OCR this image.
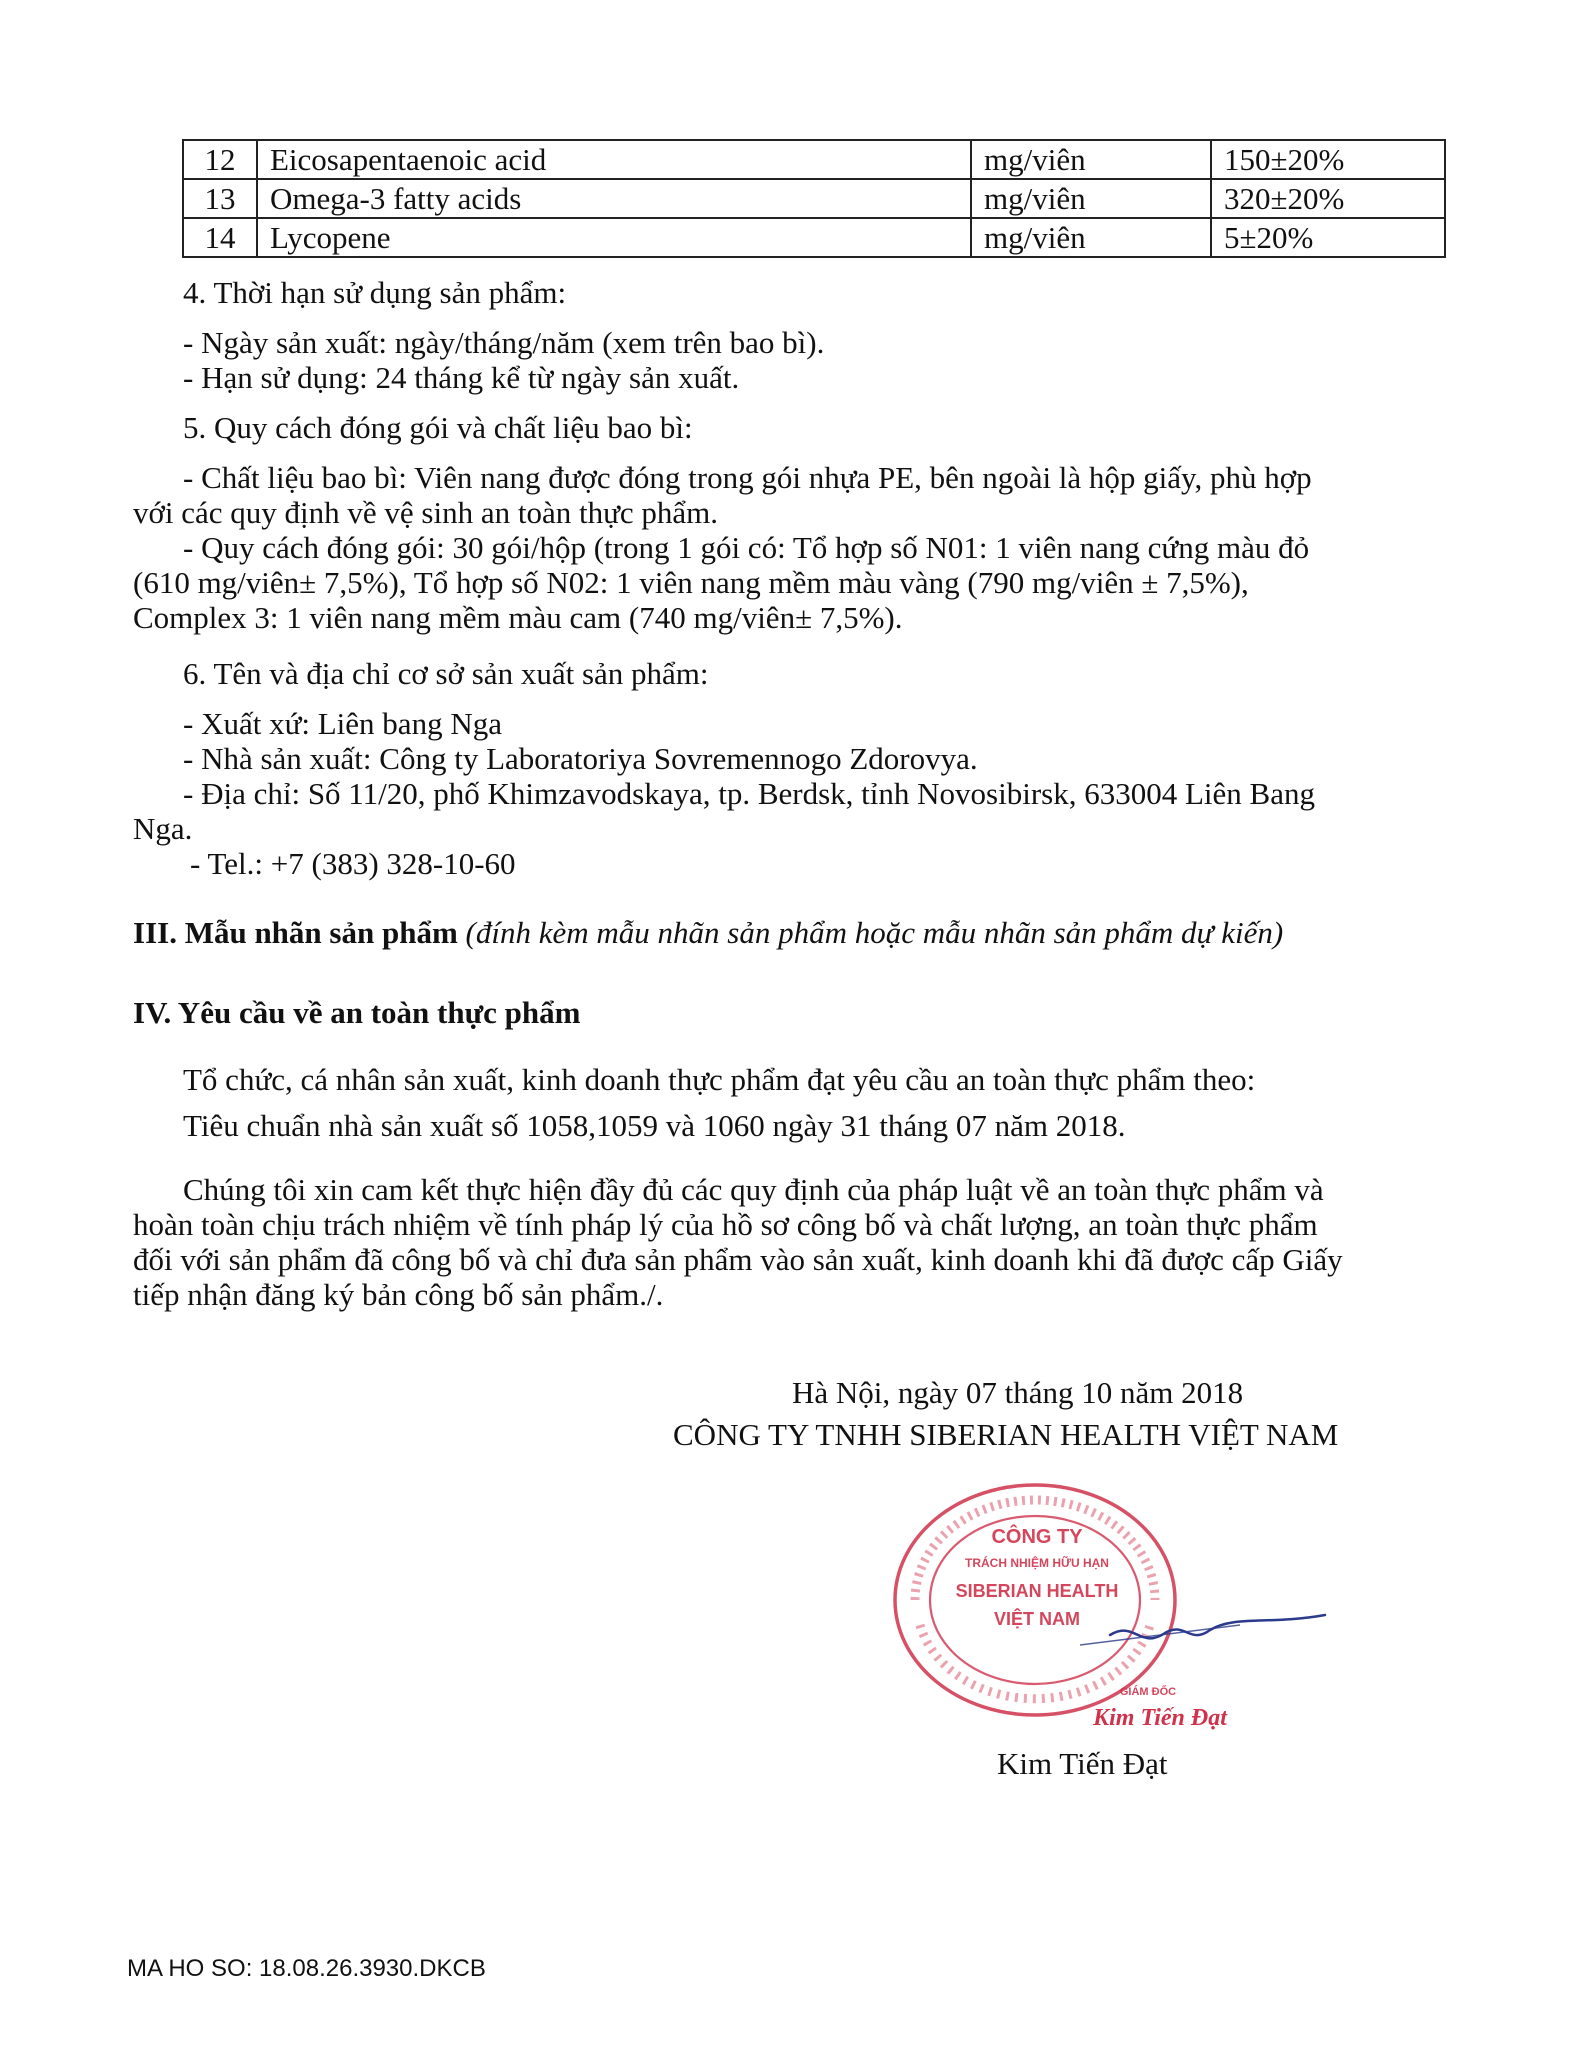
12	Eicosapentaenoic acid	mg/viên	150±20%
13	Omega-3 fatty acids	mg/viên	320±20%
14	Lycopene	mg/viên	5±20%
4. Thời hạn sử dụng sản phẩm:
- Ngày sản xuất: ngày/tháng/năm (xem trên bao bì).
- Hạn sử dụng: 24 tháng kể từ ngày sản xuất.
5. Quy cách đóng gói và chất liệu bao bì:
- Chất liệu bao bì: Viên nang được đóng trong gói nhựa PE, bên ngoài là hộp giấy, phù hợp
với các quy định về vệ sinh an toàn thực phẩm.
- Quy cách đóng gói: 30 gói/hộp (trong 1 gói có: Tổ hợp số N01: 1 viên nang cứng màu đỏ
(610 mg/viên± 7,5%), Tổ hợp số N02: 1 viên nang mềm màu vàng (790 mg/viên ± 7,5%),
Complex 3: 1 viên nang mềm màu cam (740 mg/viên± 7,5%).
6. Tên và địa chỉ cơ sở sản xuất sản phẩm:
- Xuất xứ: Liên bang Nga
- Nhà sản xuất: Công ty Laboratoriya Sovremennogo Zdorovya.
- Địa chỉ: Số 11/20, phố Khimzavodskaya, tp. Berdsk, tỉnh Novosibirsk, 633004 Liên Bang
Nga.
- Tel.: +7 (383) 328-10-60
III. Mẫu nhãn sản phẩm (đính kèm mẫu nhãn sản phẩm hoặc mẫu nhãn sản phẩm dự kiến)
IV. Yêu cầu về an toàn thực phẩm
Tổ chức, cá nhân sản xuất, kinh doanh thực phẩm đạt yêu cầu an toàn thực phẩm theo:
Tiêu chuẩn nhà sản xuất số 1058,1059 và 1060 ngày 31 tháng 07 năm 2018.
Chúng tôi xin cam kết thực hiện đầy đủ các quy định của pháp luật về an toàn thực phẩm và
hoàn toàn chịu trách nhiệm về tính pháp lý của hồ sơ công bố và chất lượng, an toàn thực phẩm
đối với sản phẩm đã công bố và chỉ đưa sản phẩm vào sản xuất, kinh doanh khi đã được cấp Giấy
tiếp nhận đăng ký bản công bố sản phẩm./.
Hà Nội, ngày 07 tháng 10 năm 2018
CÔNG TY TNHH SIBERIAN HEALTH VIỆT NAM
CÔNG TY
TRÁCH NHIỆM HỮU HẠN
SIBERIAN HEALTH
VIỆT NAM
GIÁM ĐỐC
Kim Tiến Đạt
Kim Tiến Đạt
MA HO SO: 18.08.26.3930.DKCB
